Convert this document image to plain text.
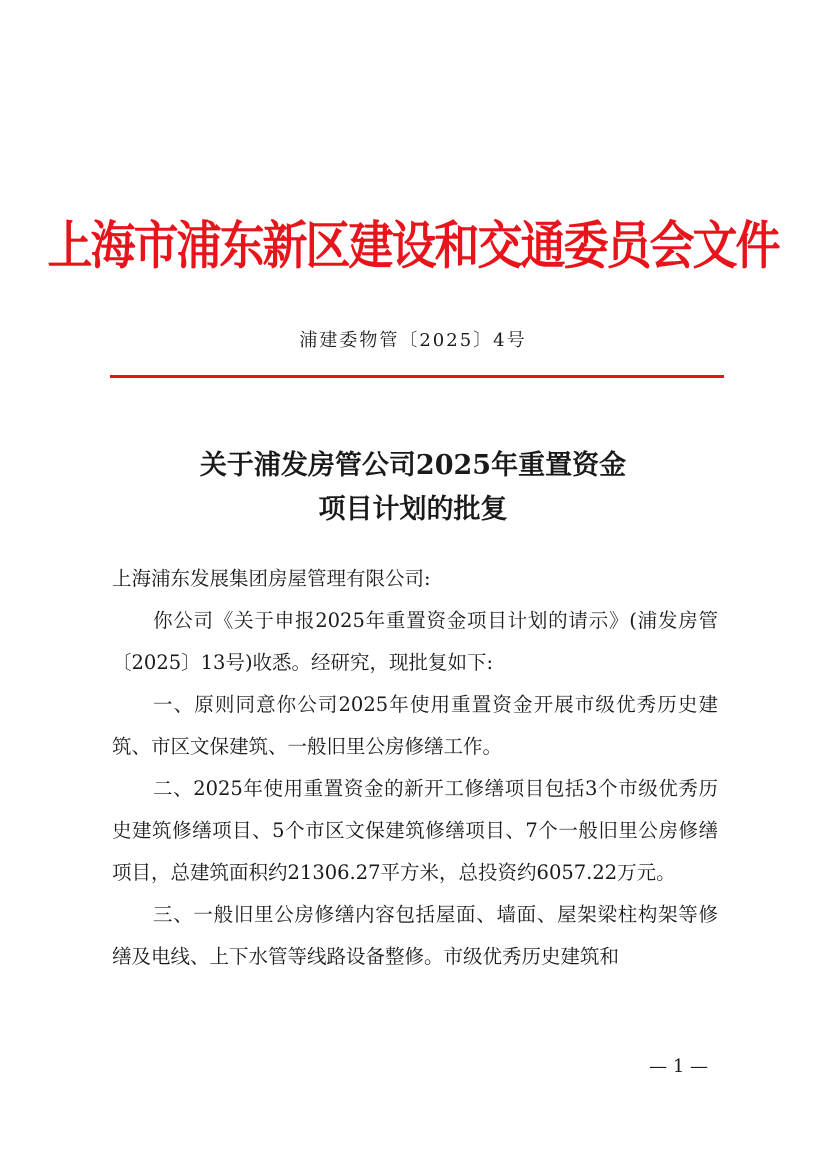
上海市浦东新区建设和交通委员会文件
浦建委物管〔2025〕4号
关于浦发房管公司2025年重置资金
项目计划的批复
上海浦东发展集团房屋管理有限公司:

你公司《关于申报2025年重置资金项目计划的请示》(浦发房管〔2025〕13号)收悉。经研究，现批复如下:

一、原则同意你公司2025年使用重置资金开展市级优秀历史建筑、市区文保建筑、一般旧里公房修缮工作。

二、2025年使用重置资金的新开工修缮项目包括3个市级优秀历史建筑修缮项目、5个市区文保建筑修缮项目、7个一般旧里公房修缮项目，总建筑面积约21306.27平方米，总投资约6057.22万元。

三、一般旧里公房修缮内容包括屋面、墙面、屋架梁柱构架等修缮及电线、上下水管等线路设备整修。市级优秀历史建筑和

— 1 —
